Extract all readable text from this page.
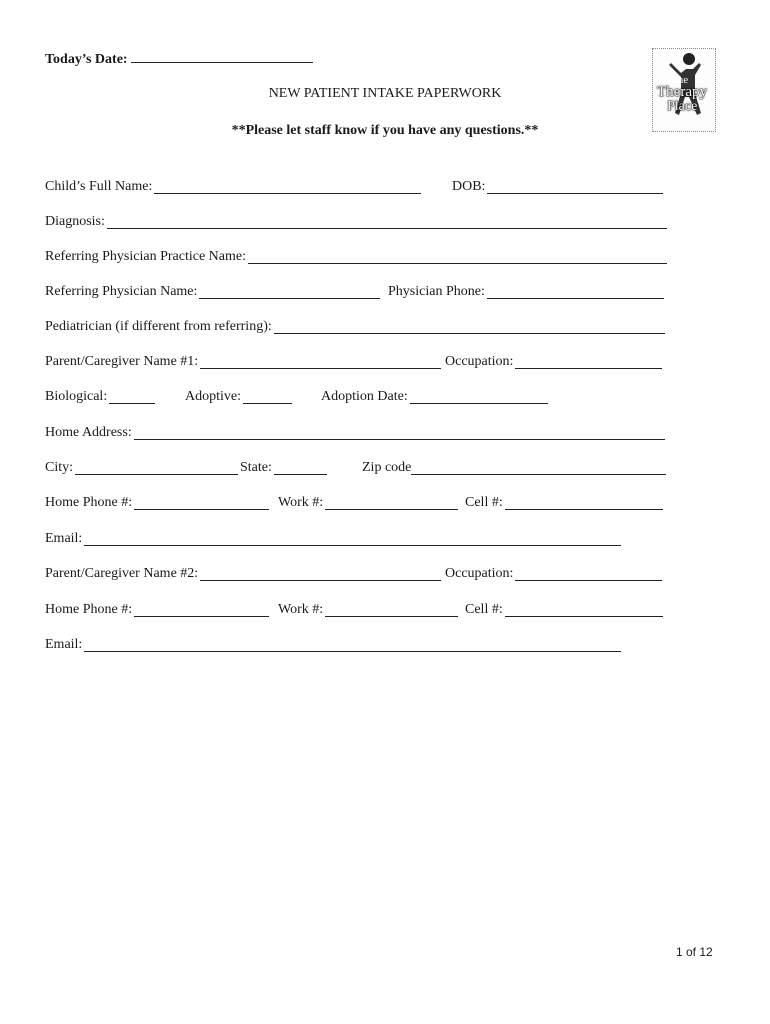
Today’s Date:
NEW PATIENT INTAKE PAPERWORK
**Please let staff know if you have any questions.**
The
Therapy
Place
Child’s Full Name:	DOB:
Diagnosis:
Referring Physician Practice Name:
Referring Physician Name:	Physician Phone:
Pediatrician (if different from referring):
Parent/Caregiver Name #1:	Occupation:
Biological:	Adoptive:	Adoption Date:
Home Address:
City:	State:	Zip code
Home Phone #:	Work #:	Cell #:
Email:
Parent/Caregiver Name #2:	Occupation:
Home Phone #:	Work #:	Cell #:
Email:
1 of 12
